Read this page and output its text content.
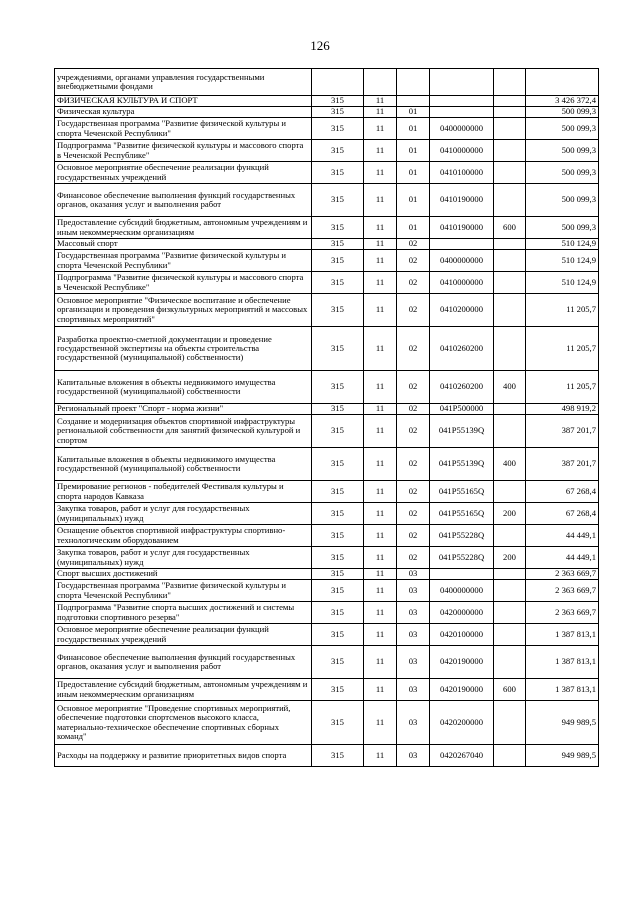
126
учреждениями, органами управления государственными внебюджетными фондами						
ФИЗИЧЕСКАЯ КУЛЬТУРА И СПОРТ	315	11				3 426 372,4
Физическая культура	315	11	01			500 099,3
Государственная программа "Развитие физической культуры и спорта Чеченской Республики"	315	11	01	0400000000		500 099,3
Подпрограмма "Развитие физической культуры и массового спорта в Чеченской Республике"	315	11	01	0410000000		500 099,3
Основное мероприятие обеспечение реализации функций государственных учреждений	315	11	01	0410100000		500 099,3
Финансовое обеспечение выполнения функций государственных органов, оказания услуг и выполнения работ	315	11	01	0410190000		500 099,3
Предоставление субсидий бюджетным, автономным учреждениям и иным некоммерческим организациям	315	11	01	0410190000	600	500 099,3
Массовый спорт	315	11	02			510 124,9
Государственная программа "Развитие физической культуры и спорта Чеченской Республики"	315	11	02	0400000000		510 124,9
Подпрограмма "Развитие физической культуры и массового спорта в Чеченской Республике"	315	11	02	0410000000		510 124,9
Основное мероприятие "Физическое воспитание и обеспечение организации и проведения физкультурных мероприятий и массовых спортивных мероприятий"	315	11	02	0410200000		11 205,7
Разработка проектно-сметной документации и проведение государственной экспертизы на объекты строительства государственной (муниципальной) собственности)	315	11	02	0410260200		11 205,7
Капитальные вложения в объекты недвижимого имущества государственной (муниципальной) собственности	315	11	02	0410260200	400	11 205,7
Региональный проект "Спорт - норма жизни"	315	11	02	041P500000		498 919,2
Создание и модернизация объектов спортивной инфраструктуры региональной собственности для занятий физической культурой и спортом	315	11	02	041P55139Q		387 201,7
Капитальные вложения в объекты недвижимого имущества государственной (муниципальной) собственности	315	11	02	041P55139Q	400	387 201,7
Премирование регионов - победителей Фестиваля культуры и спорта народов Кавказа	315	11	02	041P55165Q		67 268,4
Закупка товаров, работ и услуг для государственных (муниципальных) нужд	315	11	02	041P55165Q	200	67 268,4
Оснащение объектов спортивной инфраструктуры спортивно-технологическим оборудованием	315	11	02	041P55228Q		44 449,1
Закупка товаров, работ и услуг для государственных (муниципальных) нужд	315	11	02	041P55228Q	200	44 449,1
Спорт высших достижений	315	11	03			2 363 669,7
Государственная программа "Развитие физической культуры и спорта Чеченской Республики"	315	11	03	0400000000		2 363 669,7
Подпрограмма "Развитие спорта высших достижений и системы подготовки спортивного резерва"	315	11	03	0420000000		2 363 669,7
Основное мероприятие обеспечение реализации функций государственных учреждений	315	11	03	0420100000		1 387 813,1
Финансовое обеспечение выполнения функций государственных органов, оказания услуг и выполнения работ	315	11	03	0420190000		1 387 813,1
Предоставление субсидий бюджетным, автономным учреждениям и иным некоммерческим организациям	315	11	03	0420190000	600	1 387 813,1
Основное мероприятие "Проведение спортивных мероприятий, обеспечение подготовки спортсменов высокого класса, материально-техническое обеспечение спортивных сборных команд"	315	11	03	0420200000		949 989,5
Расходы на поддержку и развитие приоритетных видов спорта	315	11	03	0420267040		949 989,5
